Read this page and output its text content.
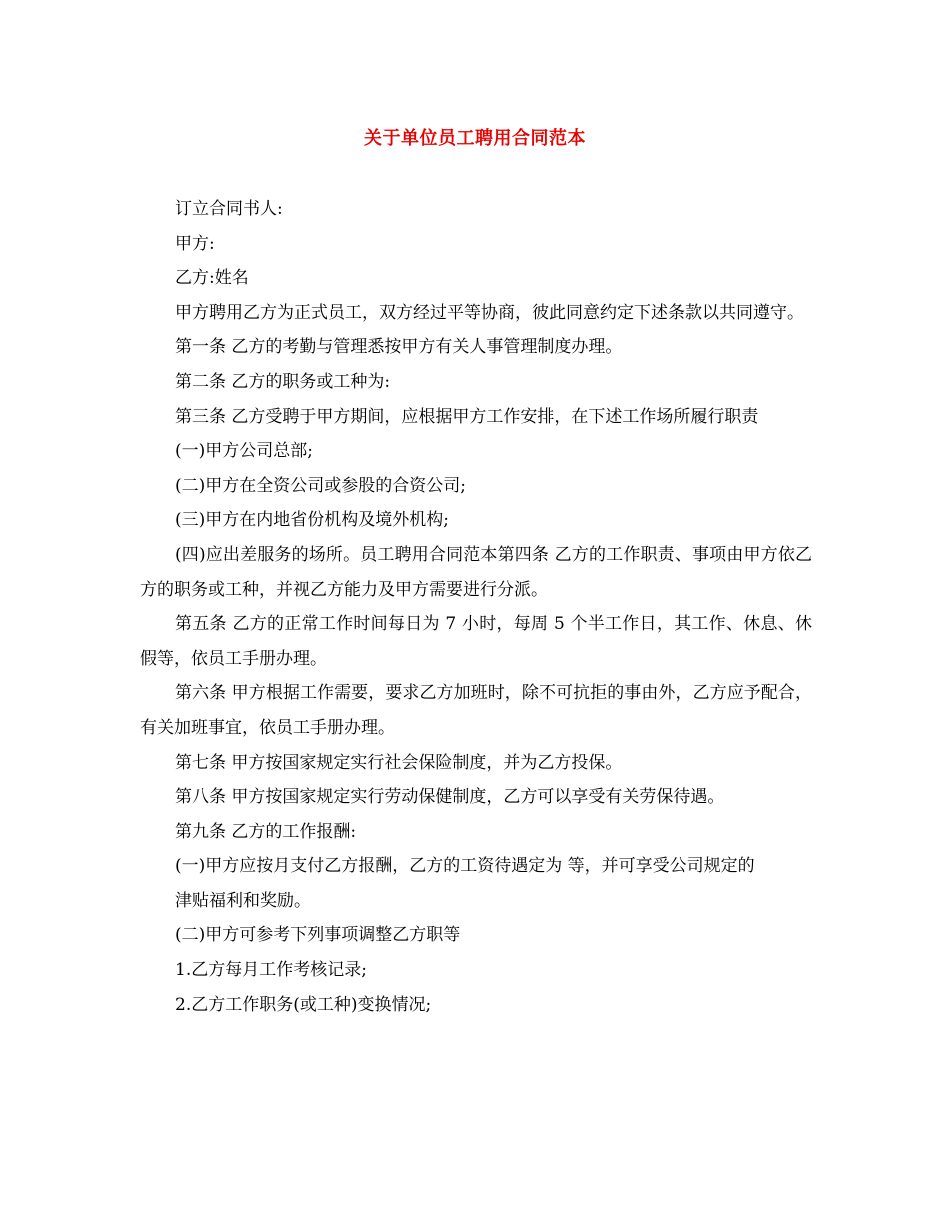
关于单位员工聘用合同范本

订立合同书人:

甲方:

乙方:姓名

甲方聘用乙方为正式员工，双方经过平等协商，彼此同意约定下述条款以共同遵守。

第一条 乙方的考勤与管理悉按甲方有关人事管理制度办理。

第二条 乙方的职务或工种为:

第三条 乙方受聘于甲方期间，应根据甲方工作安排，在下述工作场所履行职责

(一)甲方公司总部;

(二)甲方在全资公司或参股的合资公司;

(三)甲方在内地省份机构及境外机构;

(四)应出差服务的场所。员工聘用合同范本第四条 乙方的工作职责、事项由甲方依乙方的职务或工种，并视乙方能力及甲方需要进行分派。

第五条 乙方的正常工作时间每日为 7 小时，每周 5 个半工作日，其工作、休息、休假等，依员工手册办理。

第六条 甲方根据工作需要，要求乙方加班时，除不可抗拒的事由外，乙方应予配合，有关加班事宜，依员工手册办理。

第七条 甲方按国家规定实行社会保险制度，并为乙方投保。

第八条 甲方按国家规定实行劳动保健制度，乙方可以享受有关劳保待遇。

第九条 乙方的工作报酬:

(一)甲方应按月支付乙方报酬，乙方的工资待遇定为 等，并可享受公司规定的

津贴福利和奖励。

(二)甲方可参考下列事项调整乙方职等

1.乙方每月工作考核记录;

2.乙方工作职务(或工种)变换情况;
